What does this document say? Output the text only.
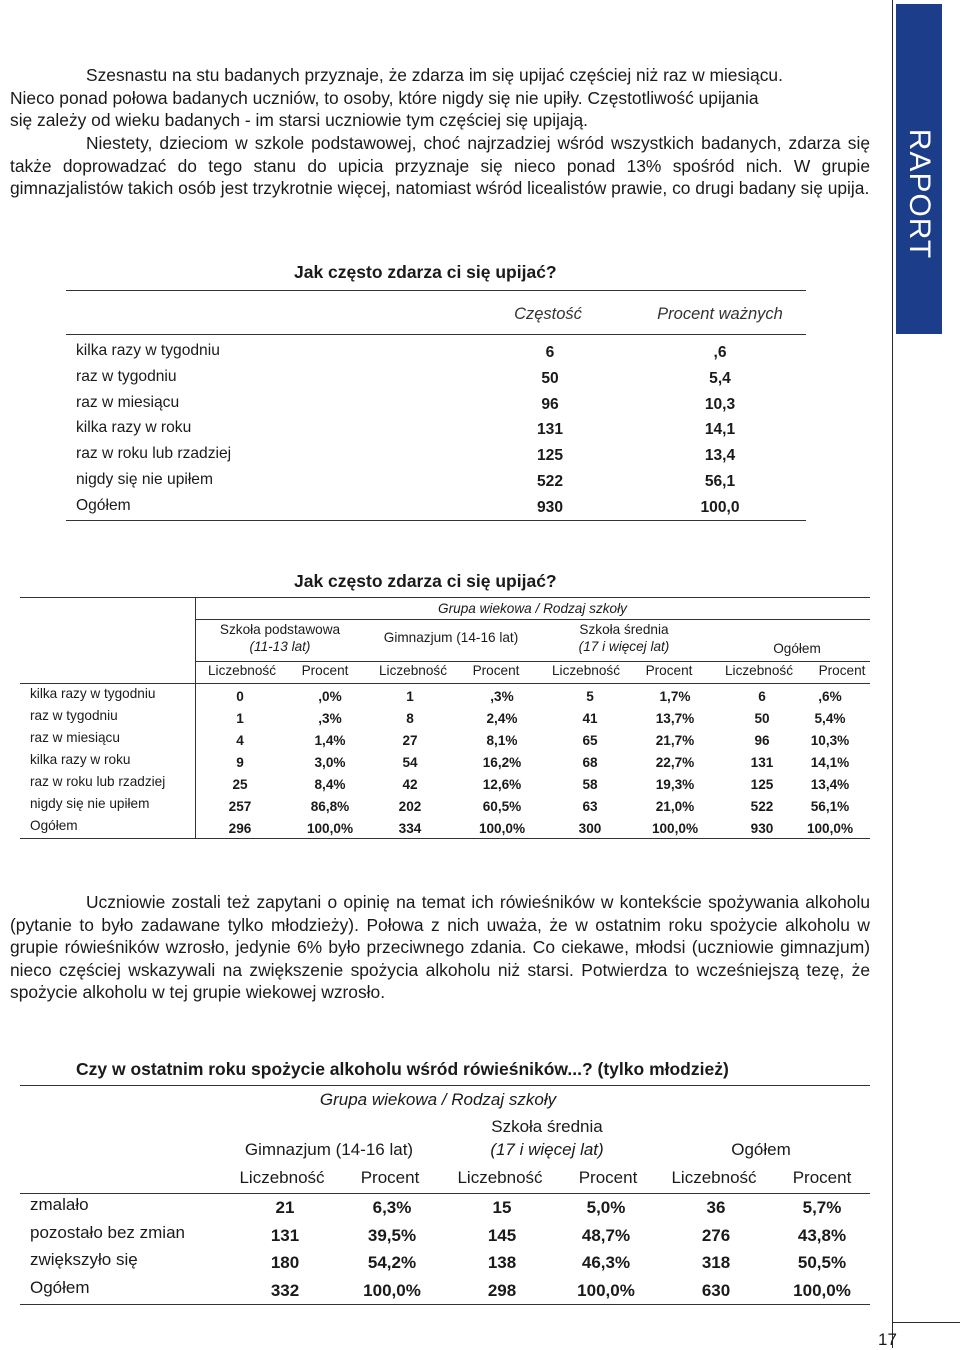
RAPORT
17
Szesnastu na stu badanych przyznaje, że zdarza im się upijać częściej niż raz w miesiącu.
Nieco ponad połowa badanych uczniów, to osoby, które nigdy się nie upiły. Częstotliwość upijania
się zależy od wieku badanych - im starsi uczniowie tym częściej się upijają.

Niestety, dzieciom w szkole podstawowej, choć najrzadziej wśród wszystkich badanych, zdarza się także doprowadzać do tego stanu do upicia przyznaje się nieco ponad 13% spośród nich. W grupie gimnazjalistów takich osób jest trzykrotnie więcej, natomiast wśród licealistów prawie, co drugi badany się upija.

Jak często zdarza ci się upijać?
Częstość	Procent ważnych
kilka razy w tygodniu	6	,6
raz w tygodniu	50	5,4
raz w miesiącu	96	10,3
kilka razy w roku	131	14,1
raz w roku lub rzadziej	125	13,4
nigdy się nie upiłem	522	56,1
Ogółem	930	100,0
Jak często zdarza ci się upijać?
Grupa wiekowa / Rodzaj szkoły
Szkoła podstawowa
(11-13 lat)
Liczebność	Procent
Gimnazjum (14-16 lat)
Liczebność	Procent
Szkoła średnia
(17 i więcej lat)
Liczebność	Procent
Ogółem
Liczebność	Procent
kilka razy w tygodniu	0	,0%	1	,3%	5	1,7%	6	,6%
raz w tygodniu	1	,3%	8	2,4%	41	13,7%	50	5,4%
raz w miesiącu	4	1,4%	27	8,1%	65	21,7%	96	10,3%
kilka razy w roku	9	3,0%	54	16,2%	68	22,7%	131	14,1%
raz w roku lub rzadziej	25	8,4%	42	12,6%	58	19,3%	125	13,4%
nigdy się nie upiłem	257	86,8%	202	60,5%	63	21,0%	522	56,1%
Ogółem	296	100,0%	334	100,0%	300	100,0%	930	100,0%

Uczniowie zostali też zapytani o opinię na temat ich rówieśników w kontekście spożywania alkoholu (pytanie to było zadawane tylko młodzieży). Połowa z nich uważa, że w ostatnim roku spożycie alkoholu w grupie rówieśników wzrosło, jedynie 6% było przeciwnego zdania. Co ciekawe, młodsi (uczniowie gimnazjum) nieco częściej wskazywali na zwiększenie spożycia alkoholu niż starsi. Potwierdza to wcześniejszą tezę, że spożycie alkoholu w tej grupie wiekowej wzrosło.

Czy w ostatnim roku spożycie alkoholu wśród rówieśników...? (tylko młodzież)
Grupa wiekowa / Rodzaj szkoły
Gimnazjum (14-16 lat)
Liczebność	Procent
Szkoła średnia
(17 i więcej lat)
Liczebność	Procent
Ogółem
Liczebność	Procent
zmalało	21	6,3%	15	5,0%	36	5,7%
pozostało bez zmian	131	39,5%	145	48,7%	276	43,8%
zwiększyło się	180	54,2%	138	46,3%	318	50,5%
Ogółem	332	100,0%	298	100,0%	630	100,0%
